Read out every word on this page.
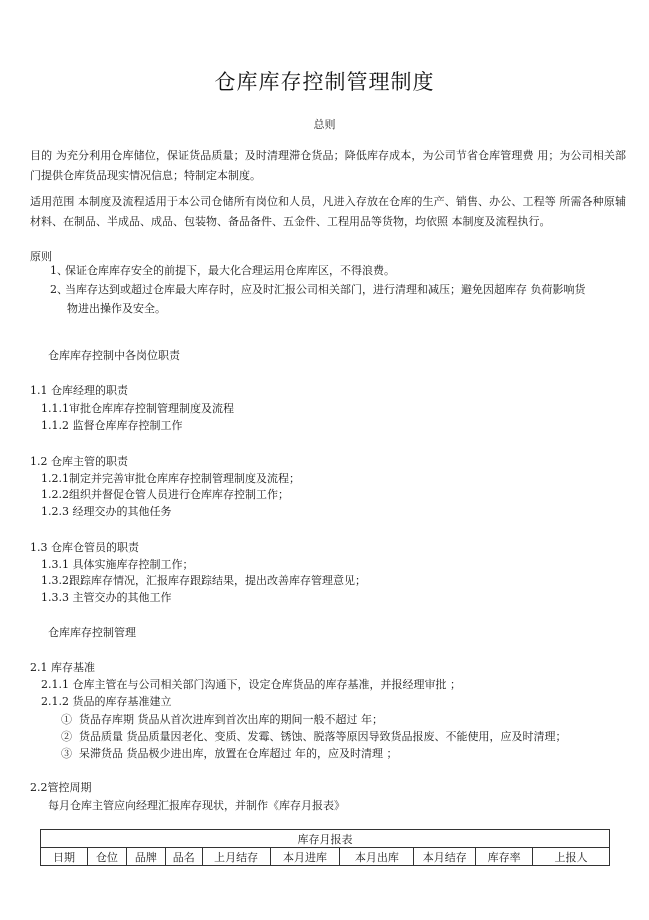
仓库库存控制管理制度
总则
目的 为充分利用仓库储位，保证货品质量；及时清理滞仓货品；降低库存成本，为公司节省仓库管理费 用；为公司相关部门提供仓库货品现实情况信息；特制定本制度。
适用范围 本制度及流程适用于本公司仓储所有岗位和人员，凡进入存放在仓库的生产、销售、办公、工程等 所需各种原辅材料、在制品、半成品、成品、包装物、备品备件、五金件、工程用品等货物，均依照 本制度及流程执行。
原则
1、保证仓库库存安全的前提下，最大化合理运用仓库库区，不得浪费。
2、当库存达到或超过仓库最大库存时，应及时汇报公司相关部门，进行清理和减压；避免因超库存 负荷影响货
物进出操作及安全。
仓库库存控制中各岗位职责
1.1 仓库经理的职责
1.1.1审批仓库库存控制管理制度及流程
1.1.2 监督仓库库存控制工作
1.2 仓库主管的职责
1.2.1制定并完善审批仓库库存控制管理制度及流程；
1.2.2组织并督促仓管人员进行仓库库存控制工作；
1.2.3 经理交办的其他任务
1.3 仓库仓管员的职责
1.3.1 具体实施库存控制工作；
1.3.2跟踪库存情况，汇报库存跟踪结果，提出改善库存管理意见；
1.3.3 主管交办的其他工作
仓库库存控制管理
2.1 库存基准
2.1.1 仓库主管在与公司相关部门沟通下，设定仓库货品的库存基准，并报经理审批 ；
2.1.2 货品的库存基准建立
① 货品存库期 货品从首次进库到首次出库的期间一般不超过 年；
② 货品质量 货品质量因老化、变质、发霉、锈蚀、脱落等原因导致货品报废、不能使用，应及时清理；
③ 呆滞货品 货品极少进出库，放置在仓库超过 年的，应及时清理 ；
2.2管控周期
每月仓库主管应向经理汇报库存现状，并制作《库存月报表》
库存月报表
日期	仓位	品牌	品名	上月结存	本月进库	本月出库	本月结存	库存率	上报人
